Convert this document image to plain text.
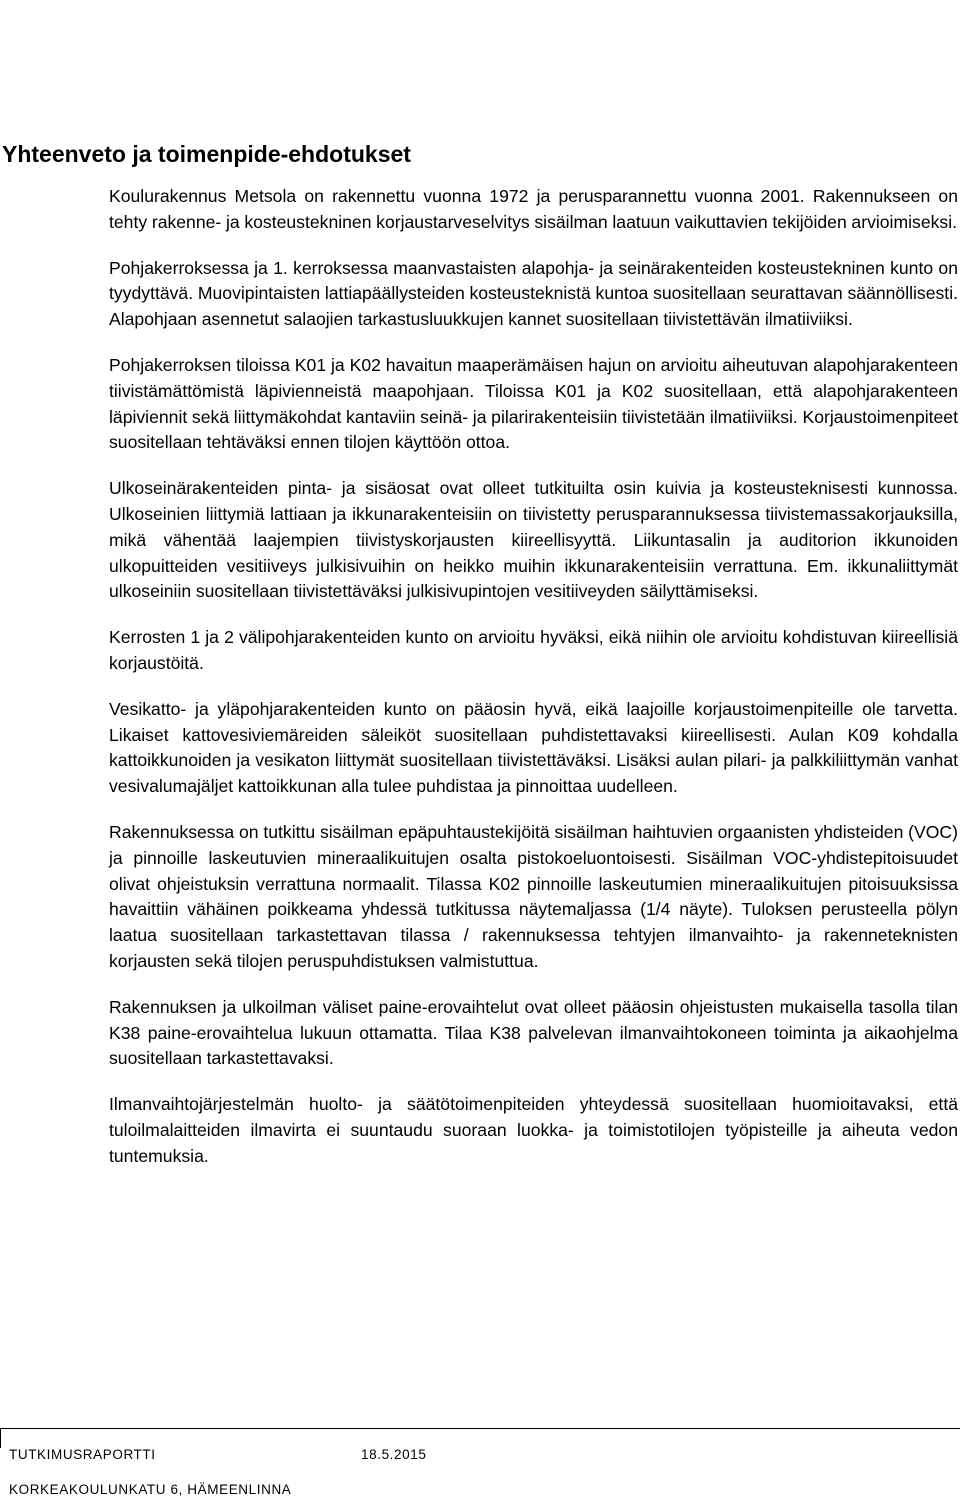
Yhteenveto ja toimenpide-ehdotukset

Koulurakennus Metsola on rakennettu vuonna 1972 ja perusparannettu vuonna 2001. Rakennukseen on tehty rakenne- ja kosteustekninen korjaustarveselvitys sisäilman laatuun vaikuttavien tekijöiden arvioimiseksi.

Pohjakerroksessa ja 1. kerroksessa maanvastaisten alapohja- ja seinärakenteiden kosteustekninen kunto on tyydyttävä. Muovipintaisten lattiapäällysteiden kosteusteknistä kuntoa suositellaan seurattavan säännöllisesti. Alapohjaan asennetut salaojien tarkastusluukkujen kannet suositellaan tiivistettävän ilmatiiviiksi.

Pohjakerroksen tiloissa K01 ja K02 havaitun maaperämäisen hajun on arvioitu aiheutuvan alapohjarakenteen tiivistämättömistä läpivienneistä maapohjaan. Tiloissa K01 ja K02 suositellaan, että alapohjarakenteen läpiviennit sekä liittymäkohdat kantaviin seinä- ja pilarirakenteisiin tiivistetään ilmatiiviiksi. Korjaustoimenpiteet suositellaan tehtäväksi ennen tilojen käyttöön ottoa.

Ulkoseinärakenteiden pinta- ja sisäosat ovat olleet tutkituilta osin kuivia ja kosteusteknisesti kunnossa. Ulkoseinien liittymiä lattiaan ja ikkunarakenteisiin on tiivistetty perusparannuksessa tiivistemassakorjauksilla, mikä vähentää laajempien tiivistyskorjausten kiireellisyyttä. Liikuntasalin ja auditorion ikkunoiden ulkopuitteiden vesitiiveys julkisivuihin on heikko muihin ikkunarakenteisiin verrattuna. Em. ikkunaliittymät ulkoseiniin suositellaan tiivistettäväksi julkisivupintojen vesitiiveyden säilyttämiseksi.

Kerrosten 1 ja 2 välipohjarakenteiden kunto on arvioitu hyväksi, eikä niihin ole arvioitu kohdistuvan kiireellisiä korjaustöitä.

Vesikatto- ja yläpohjarakenteiden kunto on pääosin hyvä, eikä laajoille korjaustoimenpiteille ole tarvetta. Likaiset kattovesiviemäreiden säleiköt suositellaan puhdistettavaksi kiireellisesti. Aulan K09 kohdalla kattoikkunoiden ja vesikaton liittymät suositellaan tiivistettäväksi. Lisäksi aulan pilari- ja palkkiliittymän vanhat vesivalumajäljet kattoikkunan alla tulee puhdistaa ja pinnoittaa uudelleen.

Rakennuksessa on tutkittu sisäilman epäpuhtaustekijöitä sisäilman haihtuvien orgaanisten yhdisteiden (VOC) ja pinnoille laskeutuvien mineraalikuitujen osalta pistokoeluontoisesti. Sisäilman VOC-yhdistepitoisuudet olivat ohjeistuksin verrattuna normaalit. Tilassa K02 pinnoille laskeutumien mineraalikuitujen pitoisuuksissa havaittiin vähäinen poikkeama yhdessä tutkitussa näytemaljassa (1/4 näyte). Tuloksen perusteella pölyn laatua suositellaan tarkastettavan tilassa / rakennuksessa tehtyjen ilmanvaihto- ja rakenneteknisten korjausten sekä tilojen peruspuhdistuksen valmistuttua.

Rakennuksen ja ulkoilman väliset paine-erovaihtelut ovat olleet pääosin ohjeistusten mukaisella tasolla tilan K38 paine-erovaihtelua lukuun ottamatta. Tilaa K38 palvelevan ilmanvaihtokoneen toiminta ja aikaohjelma suositellaan tarkastettavaksi.

Ilmanvaihtojärjestelmän huolto- ja säätötoimenpiteiden yhteydessä suositellaan huomioitavaksi, että tuloilmalaitteiden ilmavirta ei suuntaudu suoraan luokka- ja toimistotilojen työpisteille ja aiheuta vedon tuntemuksia.

TUTKIMUSRAPORTTI	18.5.2015
KORKEAKOULUNKATU 6, HÄMEENLINNA
